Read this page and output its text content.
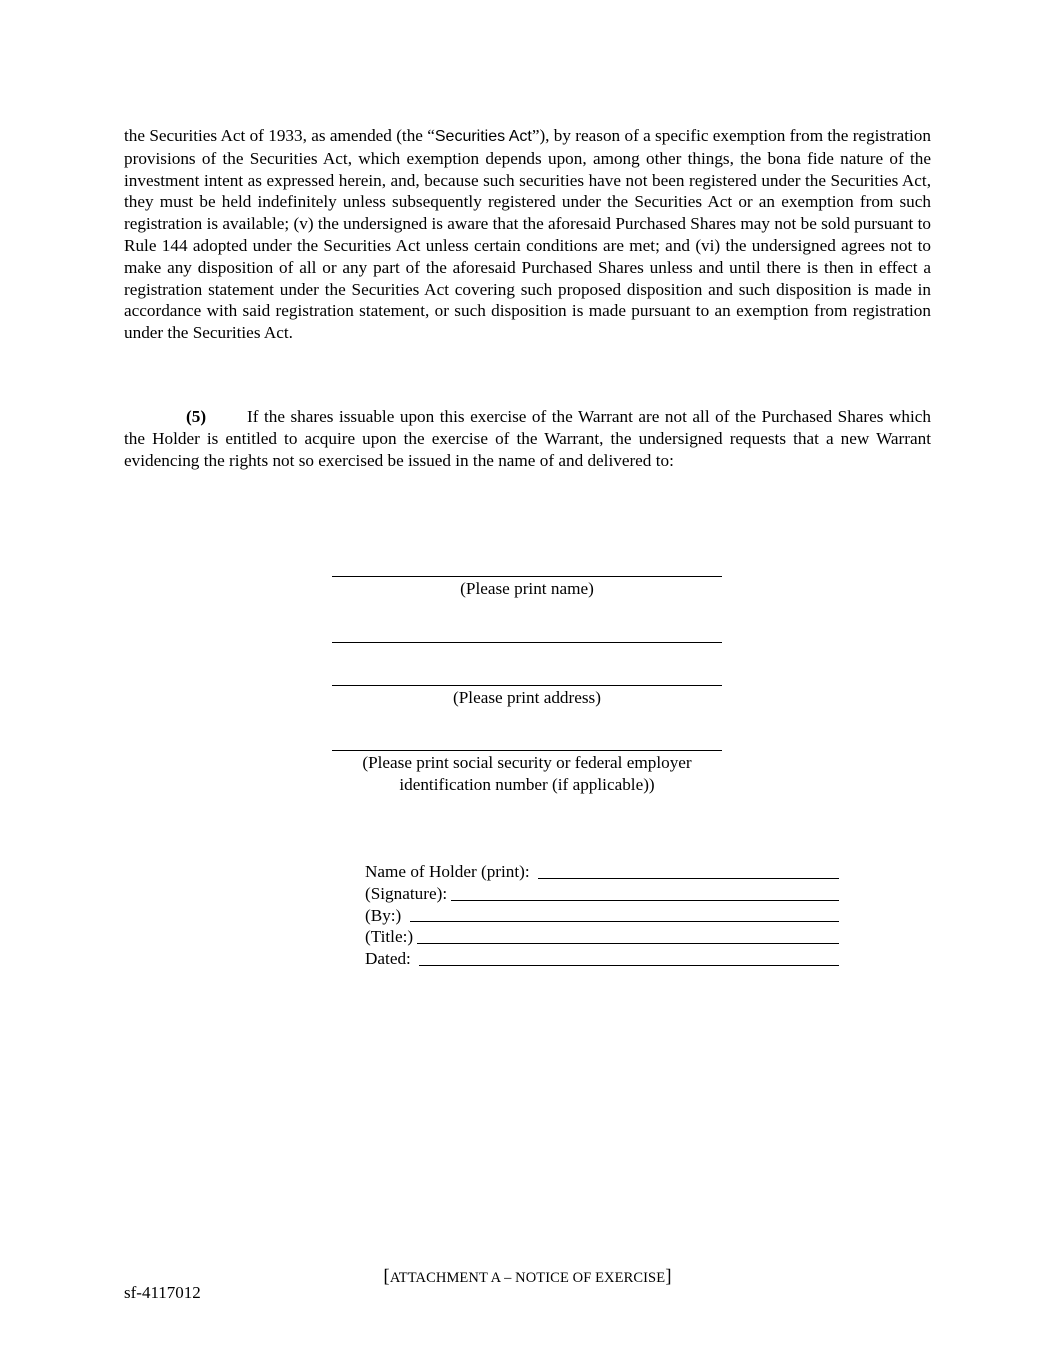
the Securities Act of 1933, as amended (the “Securities Act”), by reason of a specific exemption from the registration provisions of the Securities Act, which exemption depends upon, among other things, the bona fide nature of the investment intent as expressed herein, and, because such securities have not been registered under the Securities Act, they must be held indefinitely unless subsequently registered under the Securities Act or an exemption from such registration is available; (v) the undersigned is aware that the aforesaid Purchased Shares may not be sold pursuant to Rule 144 adopted under the Securities Act unless certain conditions are met; and (vi) the undersigned agrees not to make any disposition of all or any part of the aforesaid Purchased Shares unless and until there is then in effect a registration statement under the Securities Act covering such proposed disposition and such disposition is made in accordance with said registration statement, or such disposition is made pursuant to an exemption from registration under the Securities Act.

(5) If the shares issuable upon this exercise of the Warrant are not all of the Purchased Shares which the Holder is entitled to acquire upon the exercise of the Warrant, the undersigned requests that a new Warrant evidencing the rights not so exercised be issued in the name of and delivered to:

(Please print name)

(Please print address)

(Please print social security or federal employer
identification number (if applicable))

Name of Holder (print):
(Signature):
(By:)
(Title:)
Dated:
[ATTACHMENT A – NOTICE OF EXERCISE]
sf-4117012
